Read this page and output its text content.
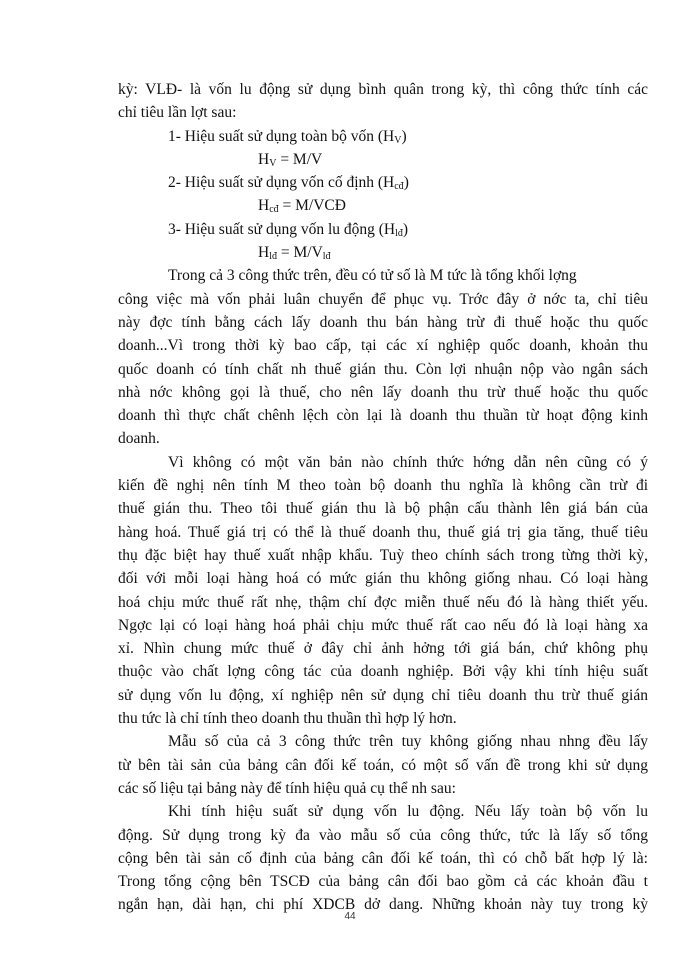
kỳ: VLĐ- là vốn lu động sử dụng bình quân trong kỳ, thì công thức tính các
chỉ tiêu lần lợt sau:
1- Hiệu suất sử dụng toàn bộ vốn $(H_V)$
$H_V = M/V$
2- Hiệu suất sử dụng vốn cố định $(H_{cđ})$
$H_{cđ}$ = M/VCĐ
3- Hiệu suất sử dụng vốn lu động $(H_{lđ})$
$H_{lđ} = M/V_{lđ}$
Trong cả 3 công thức trên, đều có tử số là M tức là tổng khối lợng
công việc mà vốn phải luân chuyển để phục vụ. Trớc đây ở nớc ta, chỉ tiêu
này đợc tính bằng cách lấy doanh thu bán hàng trừ đi thuế hoặc thu quốc
doanh...Vì trong thời kỳ bao cấp, tại các xí nghiệp quốc doanh, khoản thu
quốc doanh có tính chất nh thuế gián thu. Còn lợi nhuận nộp vào ngân sách
nhà nớc không gọi là thuế, cho nên lấy doanh thu trừ thuế hoặc thu quốc
doanh thì thực chất chênh lệch còn lại là doanh thu thuần từ hoạt động kinh
doanh.
Vì không có một văn bản nào chính thức hớng dẫn nên cũng có ý
kiến đề nghị nên tính M theo toàn bộ doanh thu nghĩa là không cần trừ đi
thuế gián thu. Theo tôi thuế gián thu là bộ phận cấu thành lên giá bán của
hàng hoá. Thuế giá trị có thể là thuế doanh thu, thuế giá trị gia tăng, thuế tiêu
thụ đặc biệt hay thuế xuất nhập khẩu. Tuỳ theo chính sách trong từng thời kỳ,
đối với mỗi loại hàng hoá có mức gián thu không giống nhau. Có loại hàng
hoá chịu mức thuế rất nhẹ, thậm chí đợc miễn thuế nếu đó là hàng thiết yếu.
Ngợc lại có loại hàng hoá phải chịu mức thuế rất cao nếu đó là loại hàng xa
xỉ. Nhìn chung mức thuế ở đây chỉ ảnh hởng tới giá bán, chứ không phụ
thuộc vào chất lợng công tác của doanh nghiệp. Bởi vậy khi tính hiệu suất
sử dụng vốn lu động, xí nghiệp nên sử dụng chỉ tiêu doanh thu trừ thuế gián
thu tức là chỉ tính theo doanh thu thuần thì hợp lý hơn.
Mẫu số của cả 3 công thức trên tuy không giống nhau nhng đều lấy
từ bên tài sản của bảng cân đối kế toán, có một số vấn đề trong khi sử dụng
các số liệu tại bảng này để tính hiệu quả cụ thể nh sau:
Khi tính hiệu suất sử dụng vốn lu động. Nếu lấy toàn bộ vốn lu
động. Sử dụng trong kỳ đa vào mẫu số của công thức, tức là lấy số tổng
cộng bên tài sản cố định của bảng cân đối kế toán, thì có chỗ bất hợp lý là:
Trong tổng cộng bên TSCĐ của bảng cân đối bao gồm cả các khoản đầu t
ngắn hạn, dài hạn, chi phí XDCB dở dang. Những khoản này tuy trong kỳ
44
